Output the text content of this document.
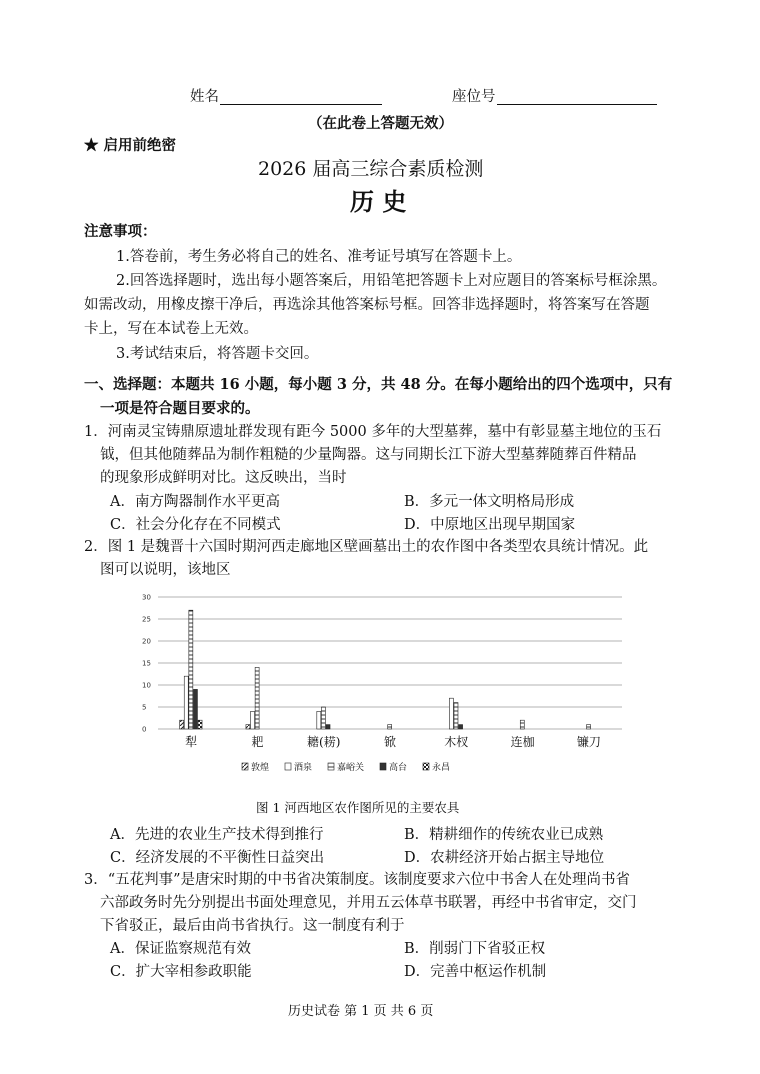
姓名	座位号
（在此卷上答题无效）
★ 启用前绝密
2026 届高三综合素质检测
历 史
注意事项：
1.答卷前，考生务必将自己的姓名、准考证号填写在答题卡上。
2.回答选择题时，选出每小题答案后，用铅笔把答题卡上对应题目的答案标号框涂黑。
如需改动，用橡皮擦干净后，再选涂其他答案标号框。回答非选择题时，将答案写在答题
卡上，写在本试卷上无效。
3.考试结束后，将答题卡交回。
一、选择题：本题共 16 小题，每小题 3 分，共 48 分。在每小题给出的四个选项中，只有
一项是符合题目要求的。
1．河南灵宝铸鼎原遗址群发现有距今 5000 多年的大型墓葬，墓中有彰显墓主地位的玉石
钺，但其他随葬品为制作粗糙的少量陶器。这与同期长江下游大型墓葬随葬百件精品
的现象形成鲜明对比。这反映出，当时
A．南方陶器制作水平更高	B．多元一体文明格局形成
C．社会分化存在不同模式	D．中原地区出现早期国家
2．图 1 是魏晋十六国时期河西走廊地区壁画墓出土的农作图中各类型农具统计情况。此
图可以说明，该地区
0
5
10
15
20
25
30
犁	耙	耱(耢)	锨	木杈	连枷	镰刀
敦煌	酒泉	嘉峪关	高台	永昌
图 1 河西地区农作图所见的主要农具
A．先进的农业生产技术得到推行	B．精耕细作的传统农业已成熟
C．经济发展的不平衡性日益突出	D．农耕经济开始占据主导地位
3．“五花判事”是唐宋时期的中书省决策制度。该制度要求六位中书舍人在处理尚书省
六部政务时先分别提出书面处理意见，并用五云体草书联署，再经中书省审定，交门
下省驳正，最后由尚书省执行。这一制度有利于
A．保证监察规范有效	B．削弱门下省驳正权
C．扩大宰相参政职能	D．完善中枢运作机制
历史试卷 第 1 页 共 6 页
